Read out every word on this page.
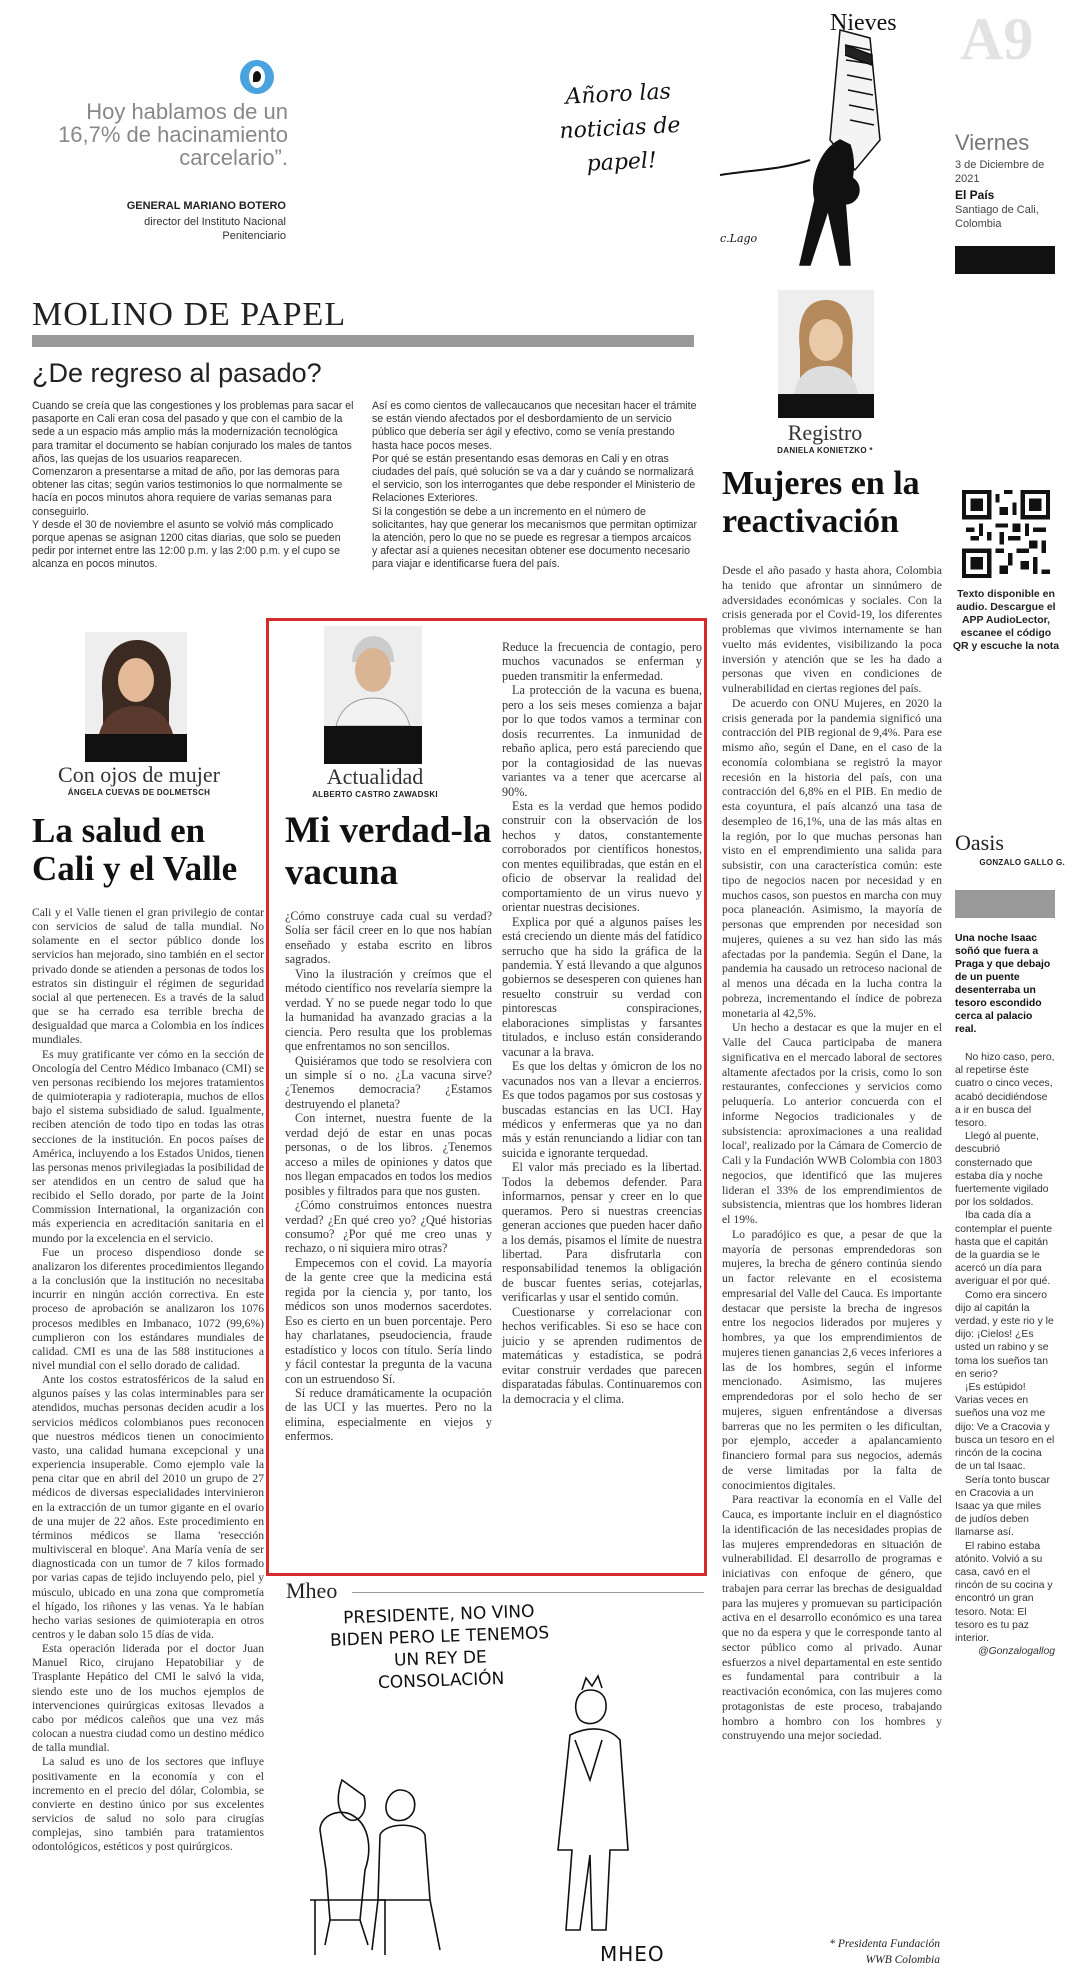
Hoy hablamos de un 16,7% de hacinamiento carcelario”.
GENERAL MARIANO BOTERO
director del Instituto Nacional Penitenciario
Añoro las noticias de papel!
c.Lago
Nieves A9
Viernes
3 de Diciembre de 2021
El País
Santiago de Cali, Colombia
MOLINO DE PAPEL
¿De regreso al pasado?

Cuando se creía que las congestiones y los problemas para sacar el pasaporte en Cali eran cosa del pasado y que con el cambio de la sede a un espacio más amplio más la modernización tecnológica para tramitar el documento se habían conjurado los males de tantos años, las quejas de los usuarios reaparecen.

Comenzaron a presentarse a mitad de año, por las demoras para obtener las citas; según varios testimonios lo que normalmente se hacía en pocos minutos ahora requiere de varias semanas para conseguirlo.

Y desde el 30 de noviembre el asunto se volvió más complicado porque apenas se asignan 1200 citas diarias, que solo se pueden pedir por internet entre las 12:00 p.m. y las 2:00 p.m. y el cupo se alcanza en pocos minutos.

Así es como cientos de vallecaucanos que necesitan hacer el trámite se están viendo afectados por el desbordamiento de un servicio público que debería ser ágil y efectivo, como se venía prestando hasta hace pocos meses.

Por qué se están presentando esas demoras en Cali y en otras ciudades del país, qué solución se va a dar y cuándo se normalizará el servicio, son los interrogantes que debe responder el Ministerio de Relaciones Exteriores.

Si la congestión se debe a un incremento en el número de solicitantes, hay que generar los mecanismos que permitan optimizar la atención, pero lo que no se puede es regresar a tiempos arcaicos y afectar así a quienes necesitan obtener ese documento necesario para viajar e identificarse fuera del país.

Registro
DANIELA KONIETZKO *
Mujeres en la reactivación

Desde el año pasado y hasta ahora, Colombia ha tenido que afrontar un sinnúmero de adversidades económicas y sociales. Con la crisis generada por el Covid-19, los diferentes problemas que vivimos internamente se han vuelto más evidentes, visibilizando la poca inversión y atención que se les ha dado a personas que viven en condiciones de vulnerabilidad en ciertas regiones del país.

De acuerdo con ONU Mujeres, en 2020 la crisis generada por la pandemia significó una contracción del PIB regional de 9,4%. Para ese mismo año, según el Dane, en el caso de la economía colombiana se registró la mayor recesión en la historia del país, con una contracción del 6,8% en el PIB. En medio de esta coyuntura, el país alcanzó una tasa de desempleo de 16,1%, una de las más altas en la región, por lo que muchas personas han visto en el emprendimiento una salida para subsistir, con una característica común: este tipo de negocios nacen por necesidad y en muchos casos, son puestos en marcha con muy poca planeación. Asimismo, la mayoría de personas que emprenden por necesidad son mujeres, quienes a su vez han sido las más afectadas por la pandemia. Según el Dane, la pandemia ha causado un retroceso nacional de al menos una década en la lucha contra la pobreza, incrementando el índice de pobreza monetaria al 42,5%.

Un hecho a destacar es que la mujer en el Valle del Cauca participaba de manera significativa en el mercado laboral de sectores altamente afectados por la crisis, como lo son restaurantes, confecciones y servicios como peluquería. Lo anterior concuerda con el informe Negocios tradicionales y de subsistencia: aproximaciones a una realidad local', realizado por la Cámara de Comercio de Cali y la Fundación WWB Colombia con 1803 negocios, que identificó que las mujeres lideran el 33% de los emprendimientos de subsistencia, mientras que los hombres lideran el 19%.

Lo paradójico es que, a pesar de que la mayoría de personas emprendedoras son mujeres, la brecha de género continúa siendo un factor relevante en el ecosistema empresarial del Valle del Cauca. Es importante destacar que persiste la brecha de ingresos entre los negocios liderados por mujeres y hombres, ya que los emprendimientos de mujeres tienen ganancias 2,6 veces inferiores a las de los hombres, según el informe mencionado. Asimismo, las mujeres emprendedoras por el solo hecho de ser mujeres, siguen enfrentándose a diversas barreras que no les permiten o les dificultan, por ejemplo, acceder a apalancamiento financiero formal para sus negocios, además de verse limitadas por la falta de conocimientos digitales.

Para reactivar la economía en el Valle del Cauca, es importante incluir en el diagnóstico la identificación de las necesidades propias de las mujeres emprendedoras en situación de vulnerabilidad. El desarrollo de programas e iniciativas con enfoque de género, que trabajen para cerrar las brechas de desigualdad para las mujeres y promuevan su participación activa en el desarrollo económico es una tarea que no da espera y que le corresponde tanto al sector público como al privado. Aunar esfuerzos a nivel departamental en este sentido es fundamental para contribuir a la reactivación económica, con las mujeres como protagonistas de este proceso, trabajando hombro a hombro con los hombres y construyendo una mejor sociedad.

* Presidenta Fundación
WWB Colombia
Texto disponible en audio. Descargue el APP AudioLector, escanee el código QR y escuche la nota
Oasis
GONZALO GALLO G.
Una noche Isaac soñó que fuera a Praga y que debajo de un puente desenterraba un tesoro escondido cerca al palacio real.

No hizo caso, pero, al repetirse éste cuatro o cinco veces, acabó decidiéndose a ir en busca del tesoro.

Llegó al puente, descubrió consternado que estaba día y noche fuertemente vigilado por los soldados.

Iba cada día a contemplar el puente hasta que el capitán de la guardia se le acercó un día para averiguar el por qué.

Como era sincero dijo al capitán la verdad, y este rio y le dijo: ¡Cielos! ¿Es usted un rabino y se toma los sueños tan en serio?

¡Es estúpido! Varias veces en sueños una voz me dijo: Ve a Cracovia y busca un tesoro en el rincón de la cocina de un tal Isaac.

Sería tonto buscar en Cracovia a un Isaac ya que miles de judíos deben llamarse así.

El rabino estaba atónito. Volvió a su casa, cavó en el rincón de su cocina y encontró un gran tesoro. Nota: El tesoro es tu paz interior.

@Gonzalogallog

Con ojos de mujer
ÁNGELA CUEVAS DE DOLMETSCH
La salud en Cali y el Valle

Cali y el Valle tienen el gran privilegio de contar con servicios de salud de talla mundial. No solamente en el sector público donde los servicios han mejorado, sino también en el sector privado donde se atienden a personas de todos los estratos sin distinguir el régimen de seguridad social al que pertenecen. Es a través de la salud que se ha cerrado esa terrible brecha de desigualdad que marca a Colombia en los índices mundiales.

Es muy gratificante ver cómo en la sección de Oncología del Centro Médico Imbanaco (CMI) se ven personas recibiendo los mejores tratamientos de quimioterapia y radioterapia, muchos de ellos bajo el sistema subsidiado de salud. Igualmente, reciben atención de todo tipo en todas las otras secciones de la institución. En pocos países de América, incluyendo a los Estados Unidos, tienen las personas menos privilegiadas la posibilidad de ser atendidos en un centro de salud que ha recibido el Sello dorado, por parte de la Joint Commission International, la organización con más experiencia en acreditación sanitaria en el mundo por la excelencia en el servicio.

Fue un proceso dispendioso donde se analizaron los diferentes procedimientos llegando a la conclusión que la institución no necesitaba incurrir en ningún acción correctiva. En este proceso de aprobación se analizaron los 1076 procesos medibles en Imbanaco, 1072 (99,6%) cumplieron con los estándares mundiales de calidad. CMI es una de las 588 instituciones a nivel mundial con el sello dorado de calidad.

Ante los costos estratosféricos de la salud en algunos países y las colas interminables para ser atendidos, muchas personas deciden acudir a los servicios médicos colombianos pues reconocen que nuestros médicos tienen un conocimiento vasto, una calidad humana excepcional y una experiencia insuperable. Como ejemplo vale la pena citar que en abril del 2010 un grupo de 27 médicos de diversas especialidades intervinieron en la extracción de un tumor gigante en el ovario de una mujer de 22 años. Este procedimiento en términos médicos se llama 'resección multivisceral en bloque'. Ana María venía de ser diagnosticada con un tumor de 7 kilos formado por varias capas de tejido incluyendo pelo, piel y músculo, ubicado en una zona que comprometía el hígado, los riñones y las venas. Ya le habían hecho varias sesiones de quimioterapia en otros centros y le daban solo 15 días de vida.

Esta operación liderada por el doctor Juan Manuel Rico, cirujano Hepatobiliar y de Trasplante Hepático del CMI le salvó la vida, siendo este uno de los muchos ejemplos de intervenciones quirúrgicas exitosas llevados a cabo por médicos caleños que una vez más colocan a nuestra ciudad como un destino médico de talla mundial.

La salud es uno de los sectores que influye positivamente en la economía y con el incremento en el precio del dólar, Colombia, se convierte en destino único por sus excelentes servicios de salud no solo para cirugías complejas, sino también para tratamientos odontológicos, estéticos y post quirúrgicos.

Actualidad
ALBERTO CASTRO ZAWADSKI
Mi verdad-la vacuna

¿Cómo construye cada cual su verdad? Solía ser fácil creer en lo que nos habían enseñado y estaba escrito en libros sagrados.

Vino la ilustración y creímos que el método científico nos revelaría siempre la verdad. Y no se puede negar todo lo que la humanidad ha avanzado gracias a la ciencia. Pero resulta que los problemas que enfrentamos no son sencillos.

Quisiéramos que todo se resolviera con un simple sí o no. ¿La vacuna sirve? ¿Tenemos democracia? ¿Estamos destruyendo el planeta?

Con internet, nuestra fuente de la verdad dejó de estar en unas pocas personas, o de los libros. ¿Tenemos acceso a miles de opiniones y datos que nos llegan empacados en todos los medios posibles y filtrados para que nos gusten.

¿Cómo construimos entonces nuestra verdad? ¿En qué creo yo? ¿Qué historias consumo? ¿Por qué me creo unas y rechazo, o ni siquiera miro otras?

Empecemos con el covid. La mayoría de la gente cree que la medicina está regida por la ciencia y, por tanto, los médicos son unos modernos sacerdotes. Eso es cierto en un buen porcentaje. Pero hay charlatanes, pseudociencia, fraude estadístico y locos con título. Sería lindo y fácil contestar la pregunta de la vacuna con un estruendoso Sí.

Sí reduce dramáticamente la ocupación de las UCI y las muertes. Pero no la elimina, especialmente en viejos y enfermos.

Reduce la frecuencia de contagio, pero muchos vacunados se enferman y pueden transmitir la enfermedad.

La protección de la vacuna es buena, pero a los seis meses comienza a bajar por lo que todos vamos a terminar con dosis recurrentes. La inmunidad de rebaño aplica, pero está pareciendo que por la contagiosidad de las nuevas variantes va a tener que acercarse al 90%.

Esta es la verdad que hemos podido construir con la observación de los hechos y datos, constantemente corroborados por científicos honestos, con mentes equilibradas, que están en el oficio de observar la realidad del comportamiento de un virus nuevo y orientar nuestras decisiones.

Explica por qué a algunos países les está creciendo un diente más del fatídico serrucho que ha sido la gráfica de la pandemia. Y está llevando a que algunos gobiernos se desesperen con quienes han resuelto construir su verdad con pintorescas conspiraciones, elaboraciones simplistas y farsantes titulados, e incluso están considerando vacunar a la brava.

Es que los deltas y ómicron de los no vacunados nos van a llevar a encierros. Es que todos pagamos por sus costosas y buscadas estancias en las UCI. Hay médicos y enfermeras que ya no dan más y están renunciando a lidiar con tan suicida e ignorante terquedad.

El valor más preciado es la libertad. Todos la debemos defender. Para informarnos, pensar y creer en lo que queramos. Pero si nuestras creencias generan acciones que pueden hacer daño a los demás, pisamos el límite de nuestra libertad. Para disfrutarla con responsabilidad tenemos la obligación de buscar fuentes serias, cotejarlas, verificarlas y usar el sentido común.

Cuestionarse y correlacionar con hechos verificables. Si eso se hace con juicio y se aprenden rudimentos de matemáticas y estadística, se podrá evitar construir verdades que parecen disparatadas fábulas. Continuaremos con la democracia y el clima.

Mheo
PRESIDENTE, NO VINO BIDEN PERO LE TENEMOS UN REY DE CONSOLACIÓN
MHEO
